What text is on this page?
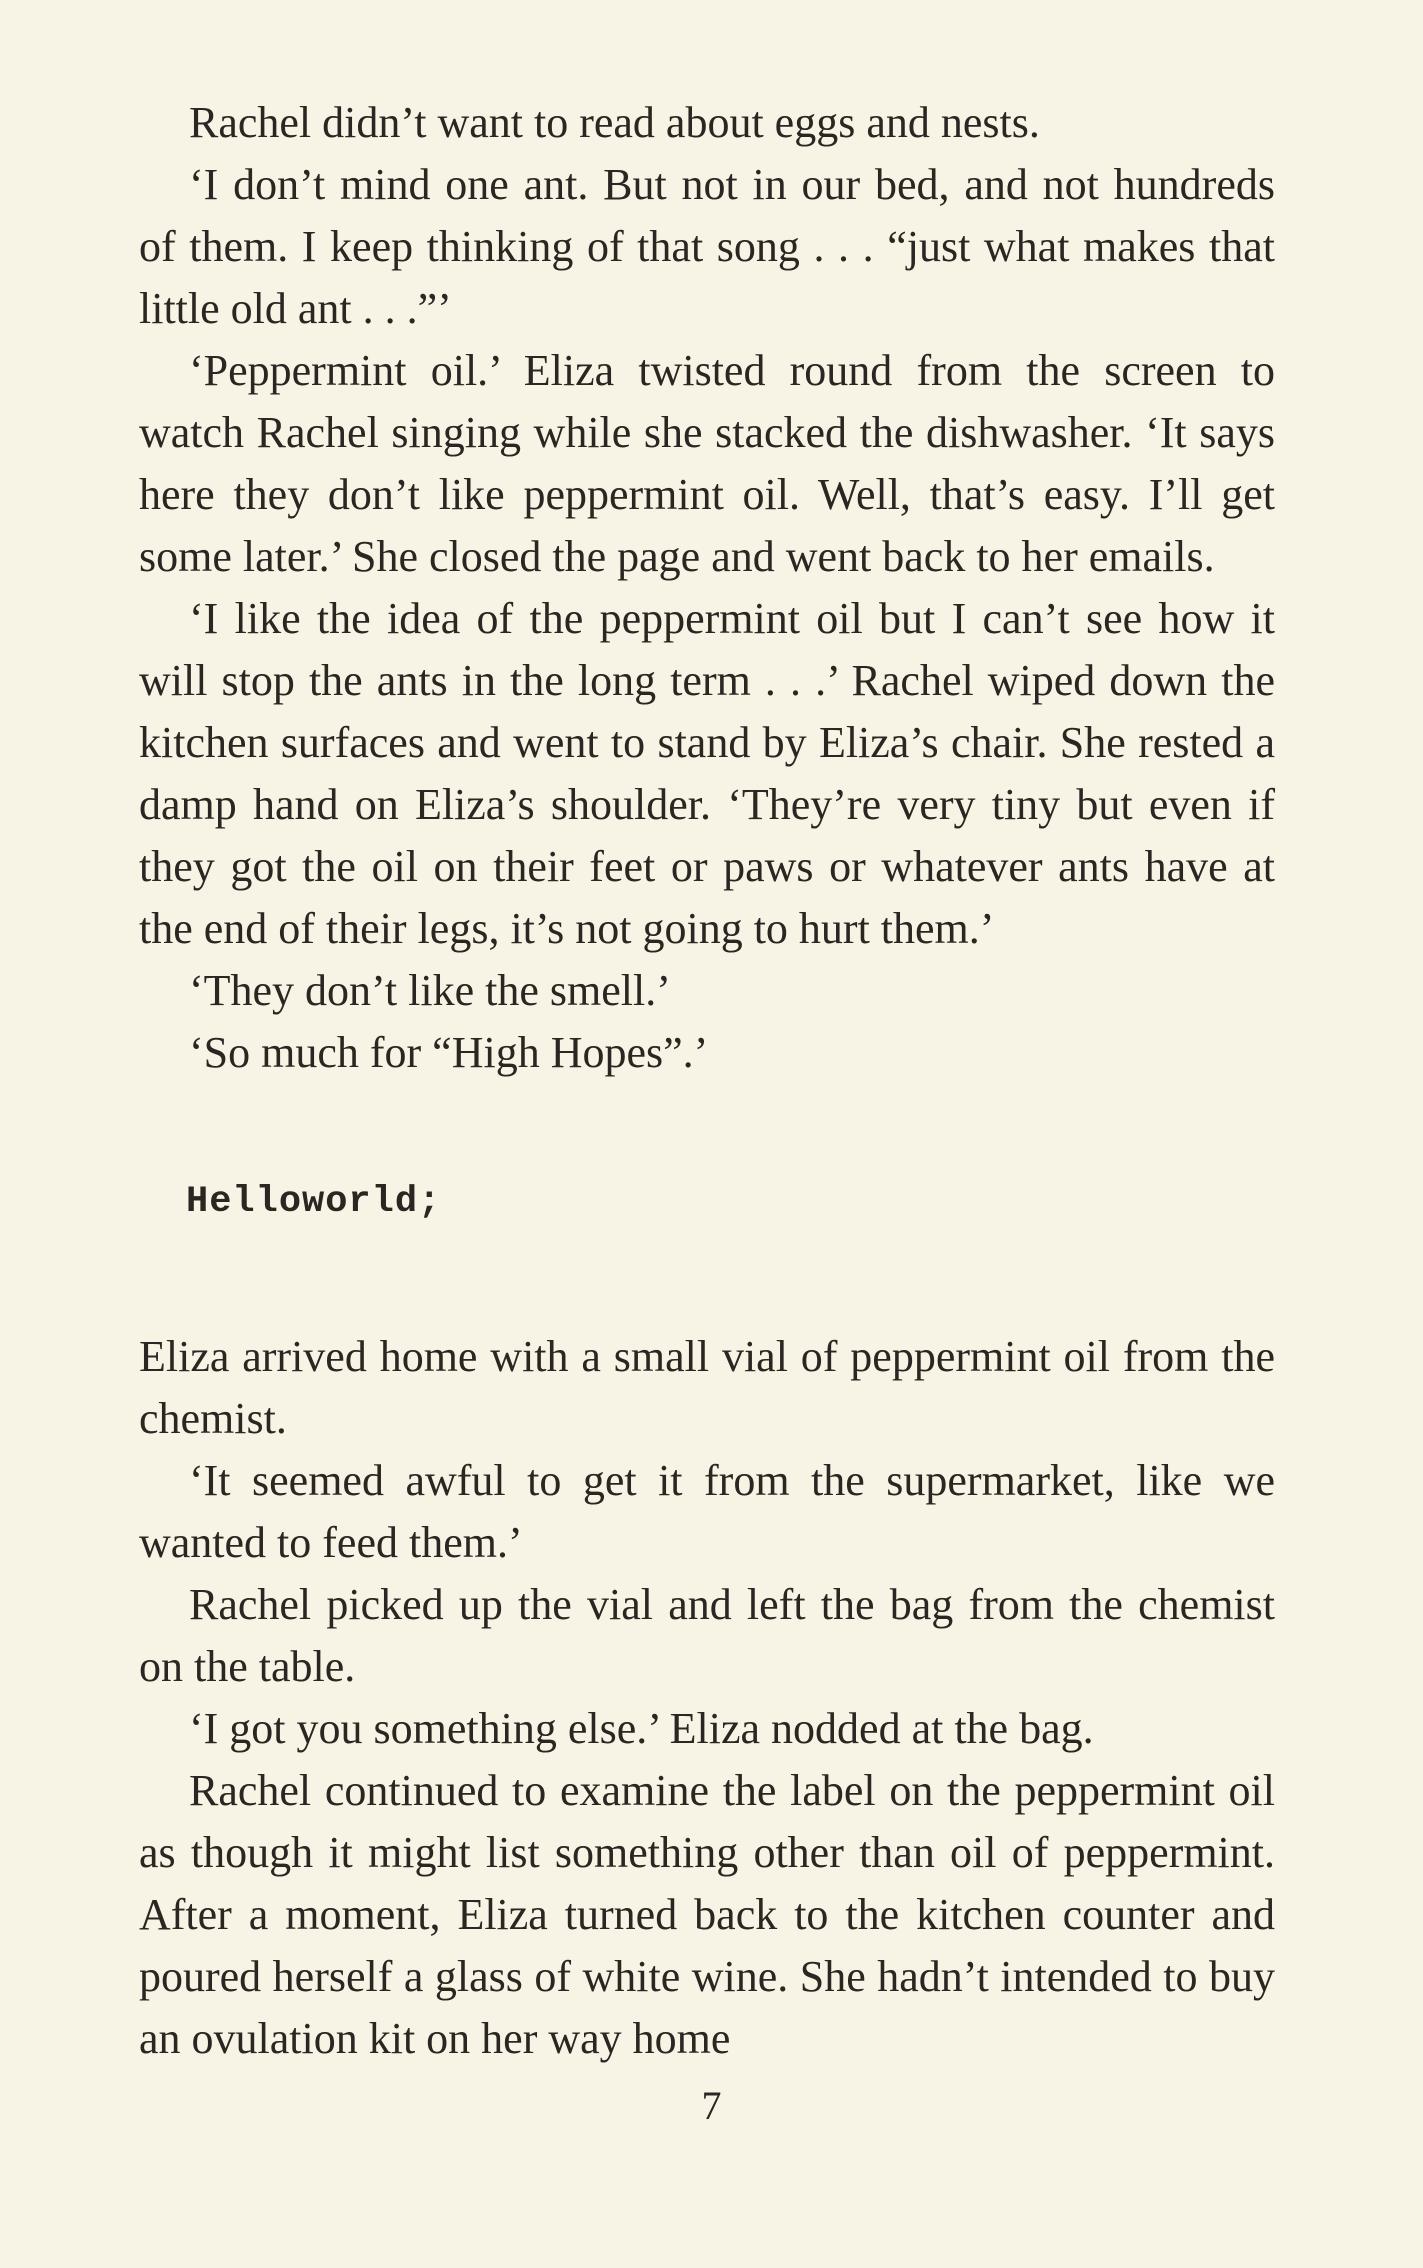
Rachel didn’t want to read about eggs and nests.

‘I don’t mind one ant. But not in our bed, and not hundreds of them. I keep thinking of that song . . . “just what makes that little old ant . . .”’

‘Peppermint oil.’ Eliza twisted round from the screen to watch Rachel singing while she stacked the dishwasher. ‘It says here they don’t like peppermint oil. Well, that’s easy. I’ll get some later.’ She closed the page and went back to her emails.

‘I like the idea of the peppermint oil but I can’t see how it will stop the ants in the long term . . .’ Rachel wiped down the kitchen surfaces and went to stand by Eliza’s chair. She rested a damp hand on Eliza’s shoulder. ‘They’re very tiny but even if they got the oil on their feet or paws or whatever ants have at the end of their legs, it’s not going to hurt them.’

‘They don’t like the smell.’

‘So much for “High Hopes”.’

Helloworld;

Eliza arrived home with a small vial of peppermint oil from the chemist.

‘It seemed awful to get it from the supermarket, like we wanted to feed them.’

Rachel picked up the vial and left the bag from the chemist on the table.

‘I got you something else.’ Eliza nodded at the bag.

Rachel continued to examine the label on the peppermint oil as though it might list something other than oil of peppermint. After a moment, Eliza turned back to the kitchen counter and poured herself a glass of white wine. She hadn’t intended to buy an ovulation kit on her way home

7
